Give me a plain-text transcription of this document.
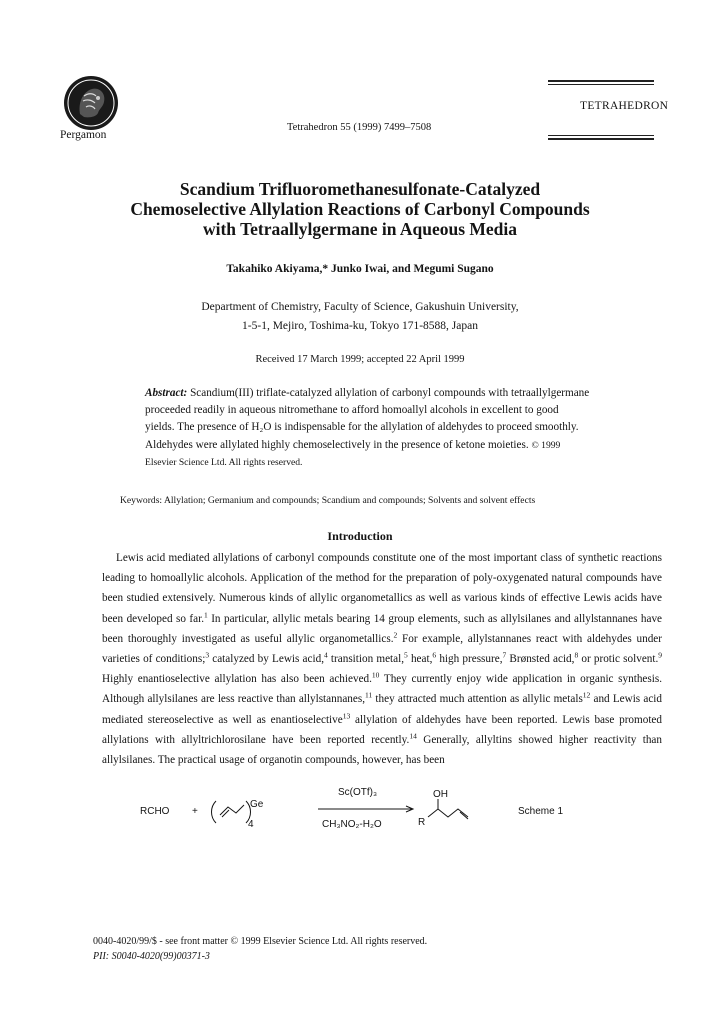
Pergamon
Tetrahedron 55 (1999) 7499–7508
TETRAHEDRON
Scandium Trifluoromethanesulfonate-Catalyzed
Chemoselective Allylation Reactions of Carbonyl Compounds
with Tetraallylgermane in Aqueous Media
Takahiko Akiyama,* Junko Iwai, and Megumi Sugano
Department of Chemistry, Faculty of Science, Gakushuin University,
1-5-1, Mejiro, Toshima-ku, Tokyo 171-8588, Japan
Received 17 March 1999; accepted 22 April 1999
Abstract: Scandium(III) triflate-catalyzed allylation of carbonyl compounds with tetraallylgermane proceeded readily in aqueous nitromethane to afford homoallyl alcohols in excellent to good yields. The presence of H₂O is indispensable for the allylation of aldehydes to proceed smoothly. Aldehydes were allylated highly chemoselectively in the presence of ketone moieties. © 1999 Elsevier Science Ltd. All rights reserved.
Keywords: Allylation; Germanium and compounds; Scandium and compounds; Solvents and solvent effects
Introduction

Lewis acid mediated allylations of carbonyl compounds constitute one of the most important class of synthetic reactions leading to homoallylic alcohols. Application of the method for the preparation of poly-oxygenated natural compounds have been studied extensively. Numerous kinds of allylic organometallics as well as various kinds of effective Lewis acids have been developed so far.$^1$ In particular, allylic metals bearing 14 group elements, such as allylsilanes and allylstannanes have been thoroughly investigated as useful allylic organometallics.$^2$ For example, allylstannanes react with aldehydes under varieties of conditions;$^3$ catalyzed by Lewis acid,$^4$ transition metal,$^5$ heat,$^6$ high pressure,$^7$ Brønsted acid,$^8$ or protic solvent.$^9$ Highly enantioselective allylation has also been achieved.$^{10}$ They currently enjoy wide application in organic synthesis. Although allylsilanes are less reactive than allylstannanes,$^{11}$ they attracted much attention as allylic metals$^{12}$ and Lewis acid mediated stereoselective as well as enantioselective$^{13}$ allylation of aldehydes have been reported. Lewis base promoted allylations with allyltrichlorosilane have been reported recently.$^{14}$ Generally, allyltins showed higher reactivity than allylsilanes. The practical usage of organotin compounds, however, has been

RCHO +
Ge
4
Sc(OTf)₃
CH₃NO₂-H₂O
OH
R
Scheme 1
0040-4020/99/$ - see front matter © 1999 Elsevier Science Ltd. All rights reserved.
PII: S0040-4020(99)00371-3
